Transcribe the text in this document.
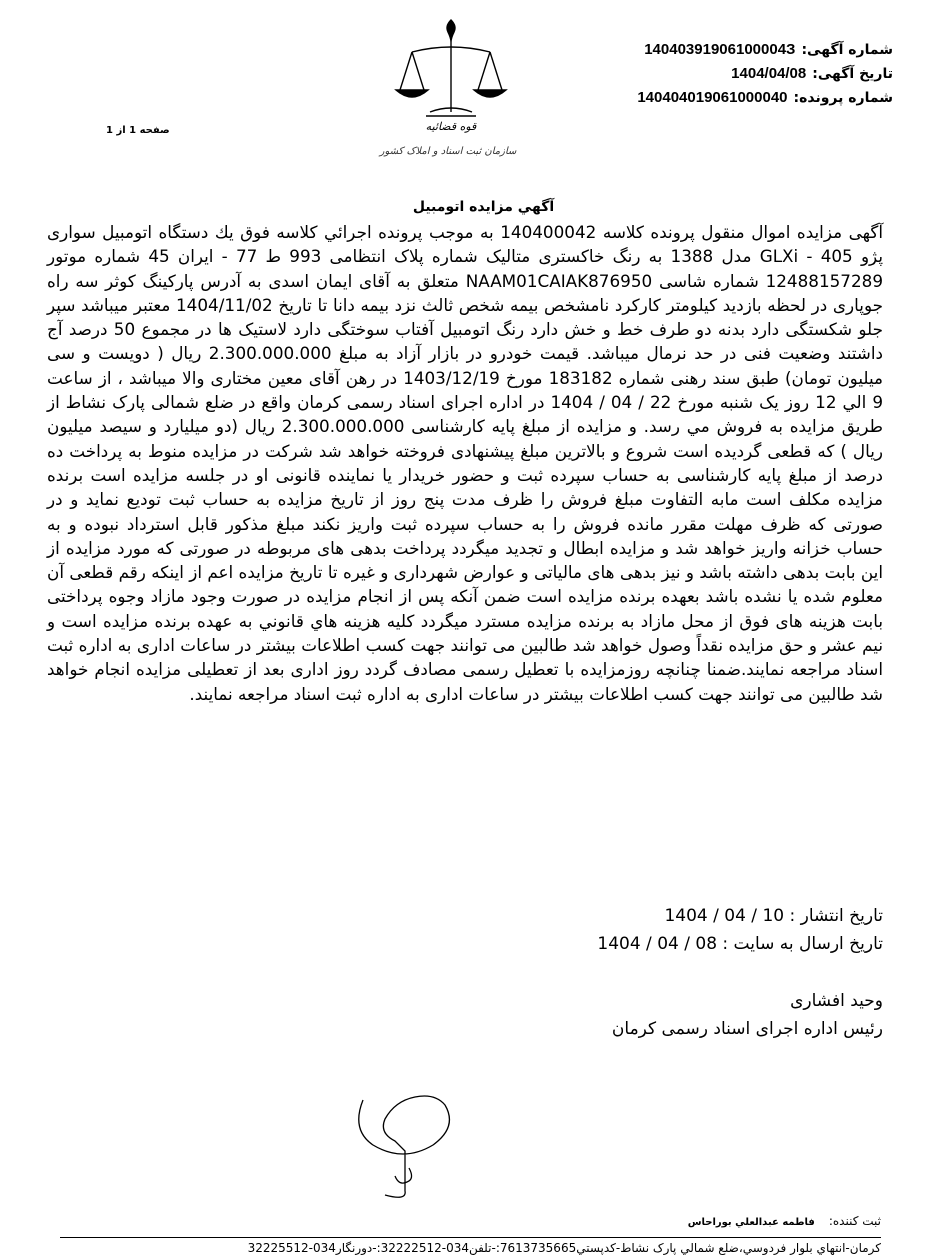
شماره آگهی:14040391906100004З
تاریخ آگهی:1404/04/08
شماره پرونده:140404019061000040
قوه قضائیه
سازمان ثبت اسناد و املاک کشور
صفحه 1 از 1
آگهي مزايده اتومبيل

آگهی مزایده اموال منقول پرونده کلاسه 140400042 به موجب پرونده اجرائي كلاسه فوق يك دستگاه اتومبيل سواری پژو 405 - GLXi مدل 1388 به رنگ خاکستری متالیک شماره پلاک انتظامی 993 ط 77 - ایران 45 شماره موتور 12488157289 شماره شاسی NAAM01CAIAK876950 متعلق به آقای ایمان اسدی به آدرس پارکینگ کوثر سه راه جوپاری در لحظه بازدید کیلومتر کارکرد نامشخص بیمه شخص ثالث نزد بیمه دانا تا تاریخ 1404/11/02 معتبر میباشد سپر جلو شکستگی دارد بدنه دو طرف خط و خش دارد رنگ اتومبیل آفتاب سوختگی دارد لاستیک ها در مجموع 50 درصد آج داشتند وضعیت فنی در حد نرمال میباشد. قیمت خودرو در بازار آزاد به مبلغ 2.300.000.000 ريال ( دويست و سی ميليون تومان) طبق سند رهنی شماره 183182 مورخ 1403/12/19 در رهن آقای معین مختاری والا میباشد ، از ساعت 9 الي 12 روز یک شنبه مورخ 22 / 04 / 1404 در اداره اجرای اسناد رسمی کرمان واقع در ضلع شمالی پارک نشاط از طريق مزايده به فروش مي رسد. و مزايده از مبلغ پایه کارشناسی 2.300.000.000 ریال (دو میلیارد و سیصد میلیون ریال ) که قطعی گردیده است شروع و بالاترين مبلغ پيشنهادی فروخته خواهد شد شرکت در مزایده منوط به پرداخت ده درصد از مبلغ پایه کارشناسی به حساب سپرده ثبت و حضور خریدار یا نماینده قانونی او در جلسه مزایده است برنده مزایده مکلف است مابه التفاوت مبلغ فروش را ظرف مدت پنج روز از تاریخ مزایده به حساب ثبت تودیع نماید و در صورتی که ظرف مهلت مقرر مانده فروش را به حساب سپرده ثبت واریز نکند مبلغ مذکور قابل استرداد نبوده و به حساب خزانه واریز خواهد شد و مزایده ابطال و تجدید میگردد پرداخت بدهی های مربوطه در صورتی که مورد مزایده از این بابت بدهی داشته باشد و نیز بدهی های مالیاتی و عوارض شهرداری و غیره تا تاریخ مزایده اعم از اینکه رقم قطعی آن معلوم شده یا نشده باشد بعهده برنده مزایده است ضمن آنکه پس از انجام مزایده در صورت وجود مازاد وجوه پرداختی بابت هزینه های فوق از محل مازاد به برنده مزایده مسترد میگردد کلیه هزینه هاي قانوني به عهده برنده مزايده است و نیم عشر و حق مزایده نقداً وصول خواهد شد طالبين می توانند جهت کسب اطلاعات بیشتر در ساعات اداری به اداره ثبت اسناد مراجعه نمایند.ضمنا چنانچه روزمزایده با تعطیل رسمی مصادف گردد روز اداری بعد از تعطیلی مزایده انجام خواهد شد طالبين می توانند جهت کسب اطلاعات بیشتر در ساعات اداری به اداره ثبت اسناد مراجعه نمایند.

تاريخ انتشار : 10 / 04 / 1404
تاريخ ارسال به سایت : 08 / 04 / 1404
وحید افشاری
رئیس اداره اجرای اسناد رسمی کرمان
ثبت کننده:فاطمه عبدالعلي بوراحاس
کرمان-انتهاي بلوار فردوسي،ضلع شمالي پارک نشاط-کدپستي7613735665:-تلفن034-32222512:-دورنگار034-32225512
